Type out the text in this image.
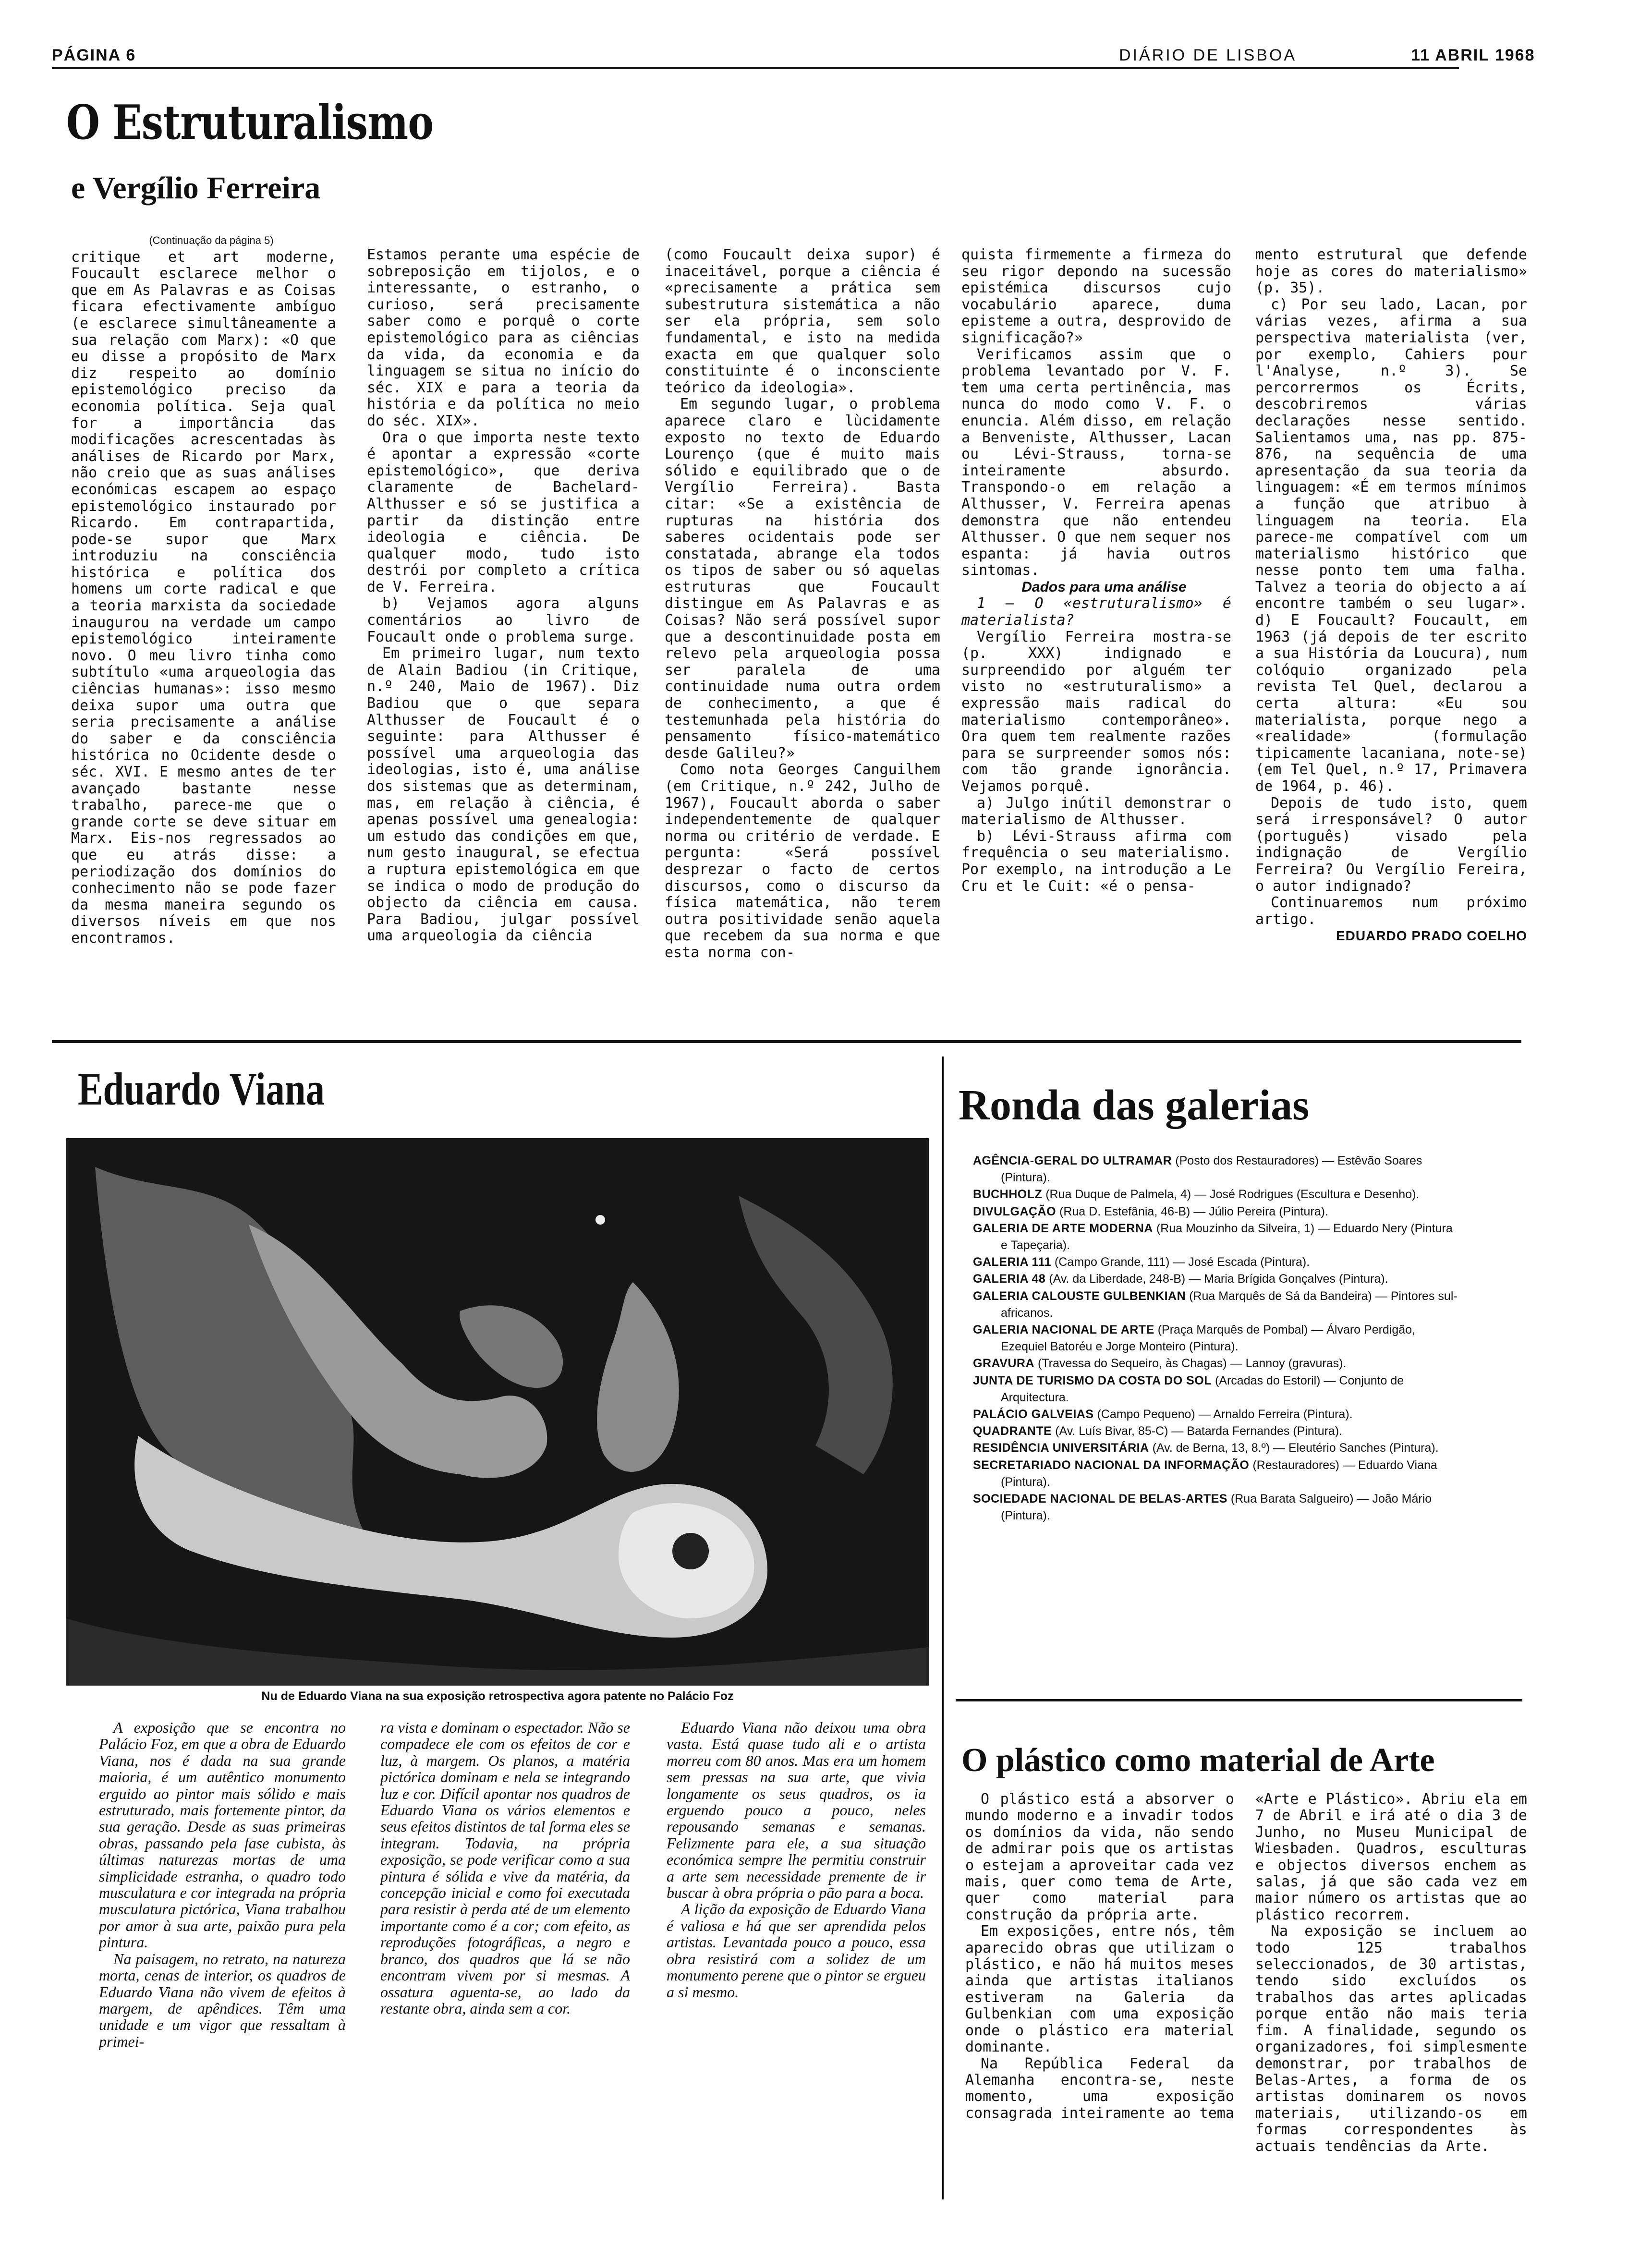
PÁGINA 6	DIÁRIO DE LISBOA	11 ABRIL 1968
O Estruturalismo
e Vergílio Ferreira

(Continuação da página 5)

critique et art moderne, Foucault esclarece melhor o que em As Palavras e as Coisas ficara efectivamente ambíguo (e esclarece simultâneamente a sua relação com Marx): «O que eu disse a propósito de Marx diz respeito ao domínio epistemológico preciso da economia política. Seja qual for a importância das modificações acrescentadas às análises de Ricardo por Marx, não creio que as suas análises económicas escapem ao espaço epistemológico instaurado por Ricardo. Em contrapartida, pode-se supor que Marx introduziu na consciência histórica e política dos homens um corte radical e que a teoria marxista da sociedade inaugurou na verdade um campo epistemológico inteiramente novo. O meu livro tinha como subtítulo «uma arqueologia das ciências humanas»: isso mesmo deixa supor uma outra que seria precisamente a análise do saber e da consciência histórica no Ocidente desde o séc. XVI. E mesmo antes de ter avançado bastante nesse trabalho, parece-me que o grande corte se deve situar em Marx. Eis-nos regressados ao que eu atrás disse: a periodização dos domínios do conhecimento não se pode fazer da mesma maneira segundo os diversos níveis em que nos encontramos.

Estamos perante uma espécie de sobreposição em tijolos, e o interessante, o estranho, o curioso, será precisamente saber como e porquê o corte epistemológico para as ciências da vida, da economia e da linguagem se situa no início do séc. XIX e para a teoria da história e da política no meio do séc. XIX».

Ora o que importa neste texto é apontar a expressão «corte epistemológico», que deriva claramente de Bachelard-Althusser e só se justifica a partir da distinção entre ideologia e ciência. De qualquer modo, tudo isto destrói por completo a crítica de V. Ferreira.

b) Vejamos agora alguns comentários ao livro de Foucault onde o problema surge.

Em primeiro lugar, num texto de Alain Badiou (in Critique, n.º 240, Maio de 1967). Diz Badiou que o que separa Althusser de Foucault é o seguinte: para Althusser é possível uma arqueologia das ideologias, isto é, uma análise dos sistemas que as determinam, mas, em relação à ciência, é apenas possível uma genealogia: um estudo das condições em que, num gesto inaugural, se efectua a ruptura epistemológica em que se indica o modo de produção do objecto da ciência em causa. Para Badiou, julgar possível uma arqueologia da ciência

(como Foucault deixa supor) é inaceitável, porque a ciência é «precisamente a prática sem subestrutura sistemática a não ser ela própria, sem solo fundamental, e isto na medida exacta em que qualquer solo constituinte é o inconsciente teórico da ideologia».

Em segundo lugar, o problema aparece claro e lùcidamente exposto no texto de Eduardo Lourenço (que é muito mais sólido e equilibrado que o de Vergílio Ferreira). Basta citar: «Se a existência de rupturas na história dos saberes ocidentais pode ser constatada, abrange ela todos os tipos de saber ou só aquelas estruturas que Foucault distingue em As Palavras e as Coisas? Não será possível supor que a descontinuidade posta em relevo pela arqueologia possa ser paralela de uma continuidade numa outra ordem de conhecimento, a que é testemunhada pela história do pensamento físico-matemático desde Galileu?»

Como nota Georges Canguilhem (em Critique, n.º 242, Julho de 1967), Foucault aborda o saber independentemente de qualquer norma ou critério de verdade. E pergunta: «Será possível desprezar o facto de certos discursos, como o discurso da física matemática, não terem outra positividade senão aquela que recebem da sua norma e que esta norma con-

quista firmemente a firmeza do seu rigor depondo na sucessão epistémica discursos cujo vocabulário aparece, duma episteme a outra, desprovido de significação?»

Verificamos assim que o problema levantado por V. F. tem uma certa pertinência, mas nunca do modo como V. F. o enuncia. Além disso, em relação a Benveniste, Althusser, Lacan ou Lévi-Strauss, torna-se inteiramente absurdo. Transpondo-o em relação a Althusser, V. Ferreira apenas demonstra que não entendeu Althusser. O que nem sequer nos espanta: já havia outros sintomas.

Dados para uma análise

1 — O «estruturalismo» é materialista?

Vergílio Ferreira mostra-se (p. XXX) indignado e surpreendido por alguém ter visto no «estruturalismo» a expressão mais radical do materialismo contemporâneo». Ora quem tem realmente razões para se surpreender somos nós: com tão grande ignorância. Vejamos porquê.

a) Julgo inútil demonstrar o materialismo de Althusser.

b) Lévi-Strauss afirma com frequência o seu materialismo. Por exemplo, na introdução a Le Cru et le Cuit: «é o pensa-

mento estrutural que defende hoje as cores do materialismo» (p. 35).

c) Por seu lado, Lacan, por várias vezes, afirma a sua perspectiva materialista (ver, por exemplo, Cahiers pour l'Analyse, n.º 3). Se percorrermos os Écrits, descobriremos várias declarações nesse sentido. Salientamos uma, nas pp. 875-876, na sequência de uma apresentação da sua teoria da linguagem: «É em termos mínimos a função que atribuo à linguagem na teoria. Ela parece-me compatível com um materialismo histórico que nesse ponto tem uma falha. Talvez a teoria do objecto a aí encontre também o seu lugar». d) E Foucault? Foucault, em 1963 (já depois de ter escrito a sua História da Loucura), num colóquio organizado pela revista Tel Quel, declarou a certa altura: «Eu sou materialista, porque nego a «realidade» (formulação tipicamente lacaniana, note-se) (em Tel Quel, n.º 17, Primavera de 1964, p. 46).

Depois de tudo isto, quem será irresponsável? O autor (português) visado pela indignação de Vergílio Ferreira? Ou Vergílio Fereira, o autor indignado?

Continuaremos num próximo artigo.

EDUARDO PRADO COELHO

Eduardo Viana
Nu de Eduardo Viana na sua exposição retrospectiva agora patente no Palácio Foz

A exposição que se encontra no Palácio Foz, em que a obra de Eduardo Viana, nos é dada na sua grande maioria, é um autêntico monumento erguido ao pintor mais sólido e mais estruturado, mais fortemente pintor, da sua geração. Desde as suas primeiras obras, passando pela fase cubista, às últimas naturezas mortas de uma simplicidade estranha, o quadro todo musculatura e cor integrada na própria musculatura pictórica, Viana trabalhou por amor à sua arte, paixão pura pela pintura.

Na paisagem, no retrato, na natureza morta, cenas de interior, os quadros de Eduardo Viana não vivem de efeitos à margem, de apêndices. Têm uma unidade e um vigor que ressaltam à primei-

ra vista e dominam o espectador. Não se compadece ele com os efeitos de cor e luz, à margem. Os planos, a matéria pictórica dominam e nela se integrando luz e cor. Difícil apontar nos quadros de Eduardo Viana os vários elementos e seus efeitos distintos de tal forma eles se integram. Todavia, na própria exposição, se pode verificar como a sua pintura é sólida e vive da matéria, da concepção inicial e como foi executada para resistir à perda até de um elemento importante como é a cor; com efeito, as reproduções fotográficas, a negro e branco, dos quadros que lá se não encontram vivem por si mesmas. A ossatura aguenta-se, ao lado da restante obra, ainda sem a cor.

Eduardo Viana não deixou uma obra vasta. Está quase tudo ali e o artista morreu com 80 anos. Mas era um homem sem pressas na sua arte, que vivia longamente os seus quadros, os ia erguendo pouco a pouco, neles repousando semanas e semanas. Felizmente para ele, a sua situação económica sempre lhe permitiu construir a arte sem necessidade premente de ir buscar à obra própria o pão para a boca.

A lição da exposição de Eduardo Viana é valiosa e há que ser aprendida pelos artistas. Levantada pouco a pouco, essa obra resistirá com a solidez de um monumento perene que o pintor se ergueu a si mesmo.

Ronda das galerias

AGÊNCIA-GERAL DO ULTRAMAR (Posto dos Restauradores) — Estêvão Soares (Pintura).

BUCHHOLZ (Rua Duque de Palmela, 4) — José Rodrigues (Escultura e Desenho).

DIVULGAÇÃO (Rua D. Estefânia, 46-B) — Júlio Pereira (Pintura).

GALERIA DE ARTE MODERNA (Rua Mouzinho da Silveira, 1) — Eduardo Nery (Pintura e Tapeçaria).

GALERIA 111 (Campo Grande, 111) — José Escada (Pintura).

GALERIA 48 (Av. da Liberdade, 248-B) — Maria Brígida Gonçalves (Pintura).

GALERIA CALOUSTE GULBENKIAN (Rua Marquês de Sá da Bandeira) — Pintores sul-africanos.

GALERIA NACIONAL DE ARTE (Praça Marquês de Pombal) — Álvaro Perdigão, Ezequiel Batoréu e Jorge Monteiro (Pintura).

GRAVURA (Travessa do Sequeiro, às Chagas) — Lannoy (gravuras).

JUNTA DE TURISMO DA COSTA DO SOL (Arcadas do Estoril) — Conjunto de Arquitectura.

PALÁCIO GALVEIAS (Campo Pequeno) — Arnaldo Ferreira (Pintura).

QUADRANTE (Av. Luís Bivar, 85-C) — Batarda Fernandes (Pintura).

RESIDÊNCIA UNIVERSITÁRIA (Av. de Berna, 13, 8.º) — Eleutério Sanches (Pintura).

SECRETARIADO NACIONAL DA INFORMAÇÃO (Restauradores) — Eduardo Viana (Pintura).

SOCIEDADE NACIONAL DE BELAS-ARTES (Rua Barata Salgueiro) — João Mário (Pintura).

O plástico como material de Arte

O plástico está a absorver o mundo moderno e a invadir todos os domínios da vida, não sendo de admirar pois que os artistas o estejam a aproveitar cada vez mais, quer como tema de Arte, quer como material para construção da própria arte.

Em exposições, entre nós, têm aparecido obras que utilizam o plástico, e não há muitos meses ainda que artistas italianos estiveram na Galeria da Gulbenkian com uma exposição onde o plástico era material dominante.

Na República Federal da Alemanha encontra-se, neste momento, uma exposição consagrada inteiramente ao tema

«Arte e Plástico». Abriu ela em 7 de Abril e irá até o dia 3 de Junho, no Museu Municipal de Wiesbaden. Quadros, esculturas e objectos diversos enchem as salas, já que são cada vez em maior número os artistas que ao plástico recorrem.

Na exposição se incluem ao todo 125 trabalhos seleccionados, de 30 artistas, tendo sido excluídos os trabalhos das artes aplicadas porque então não mais teria fim. A finalidade, segundo os organizadores, foi simplesmente demonstrar, por trabalhos de Belas-Artes, a forma de os artistas dominarem os novos materiais, utilizando-os em formas correspondentes às actuais tendências da Arte.
